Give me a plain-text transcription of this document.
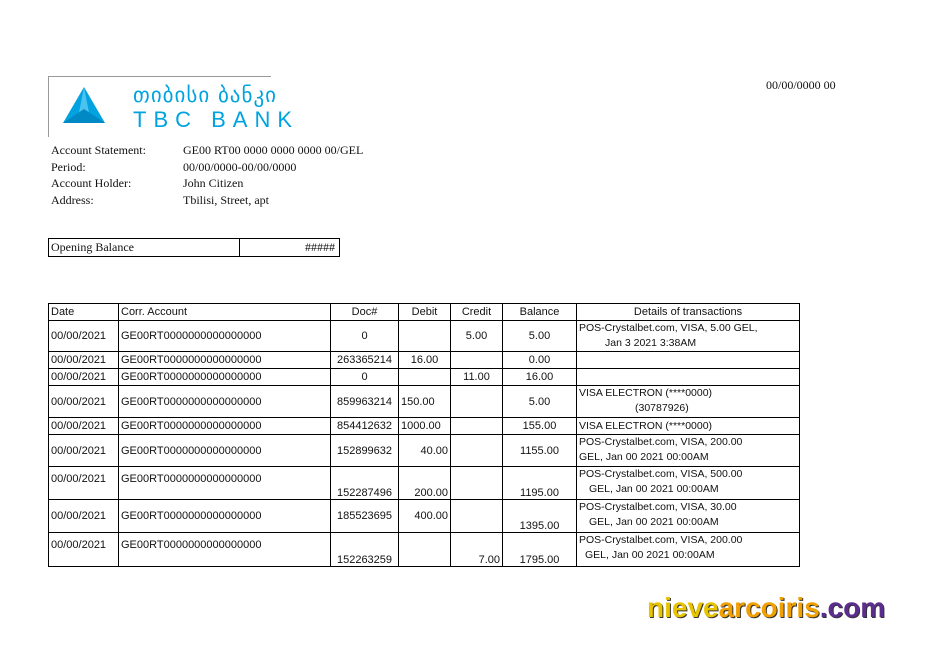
თიბისი ბანკი
TBC BANK
00/00/0000 00
Account Statement:	GE00 RT00 0000 0000 0000 00/GEL
Period:	00/00/0000-00/00/0000
Account Holder:	John Citizen
Address:	Tbilisi, Street, apt
Opening Balance	#####
Date	Corr. Account	Doc#	Debit	Credit	Balance	Details of transactions
00/00/2021	GE00RT0000000000000000	0		5.00	5.00	POS-Crystalbet.com, VISA, 5.00 GEL,
Jan 3 2021 3:38AM

00/00/2021	GE00RT0000000000000000	263365214	16.00		0.00	
00/00/2021	GE00RT0000000000000000	0		11.00	16.00	
00/00/2021	GE00RT0000000000000000	859963214	150.00		5.00	VISA ELECTRON (****0000)
(30787926)

00/00/2021	GE00RT0000000000000000	854412632	1000.00		155.00	VISA ELECTRON (****0000)
00/00/2021	GE00RT0000000000000000	152899632	40.00		1155.00	POS-Crystalbet.com, VISA, 200.00
GEL, Jan 00 2021 00:00AM

00/00/2021	GE00RT0000000000000000	152287496	200.00		1195.00	POS-Crystalbet.com, VISA, 500.00
GEL, Jan 00 2021 00:00AM

00/00/2021	GE00RT0000000000000000	185523695	400.00		1395.00	POS-Crystalbet.com, VISA, 30.00
GEL, Jan 00 2021 00:00AM

00/00/2021	GE00RT0000000000000000	152263259		7.00	1795.00	POS-Crystalbet.com, VISA, 200.00
GEL, Jan 00 2021 00:00AM
nievearcoiris.com
